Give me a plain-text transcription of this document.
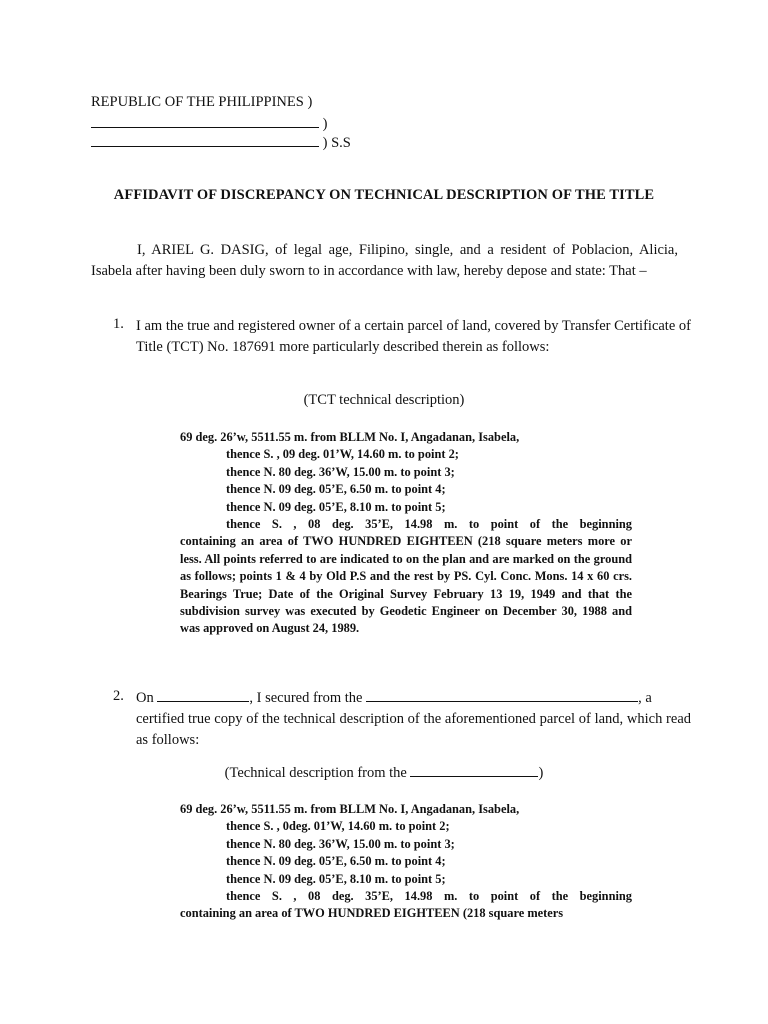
REPUBLIC OF THE PHILIPPINES )
)
) S.S
AFFIDAVIT OF DISCREPANCY ON TECHNICAL DESCRIPTION OF THE TITLE
I, ARIEL G. DASIG, of legal age, Filipino, single, and a resident of Poblacion, Alicia, Isabela after having been duly sworn to in accordance with law, hereby depose and state: That –
1. I am the true and registered owner of a certain parcel of land, covered by Transfer Certificate of Title (TCT) No. 187691 more particularly described therein as follows:
(TCT technical description)
69 deg. 26’w, 5511.55 m. from BLLM No. I, Angadanan, Isabela,
thence S. , 09 deg. 01’W, 14.60 m. to point 2;
thence N. 80 deg. 36’W, 15.00 m. to point 3;
thence N. 09 deg. 05’E, 6.50 m. to point 4;
thence N. 09 deg. 05’E, 8.10 m. to point 5;
thence S. , 08 deg. 35’E, 14.98 m. to point of the beginning
containing an area of TWO HUNDRED EIGHTEEN (218 square meters more or less. All points referred to are indicated to on the plan and are marked on the ground as follows; points 1 & 4 by Old P.S and the rest by PS. Cyl. Conc. Mons. 14 x 60 crs. Bearings True; Date of the Original Survey February 13 19, 1949 and that the subdivision survey was executed by Geodetic Engineer on December 30, 1988 and was approved on August 24, 1989.
2. On	, I secured from the	, a
certified true copy of the technical description of the aforementioned parcel of land, which read as follows:
(Technical description from the	)
69 deg. 26’w, 5511.55 m. from BLLM No. I, Angadanan, Isabela,
thence S. , 0deg. 01’W, 14.60 m. to point 2;
thence N. 80 deg. 36’W, 15.00 m. to point 3;
thence N. 09 deg. 05’E, 6.50 m. to point 4;
thence N. 09 deg. 05’E, 8.10 m. to point 5;
thence S. , 08 deg. 35’E, 14.98 m. to point of the beginning
containing an area of TWO HUNDRED EIGHTEEN (218 square meters
